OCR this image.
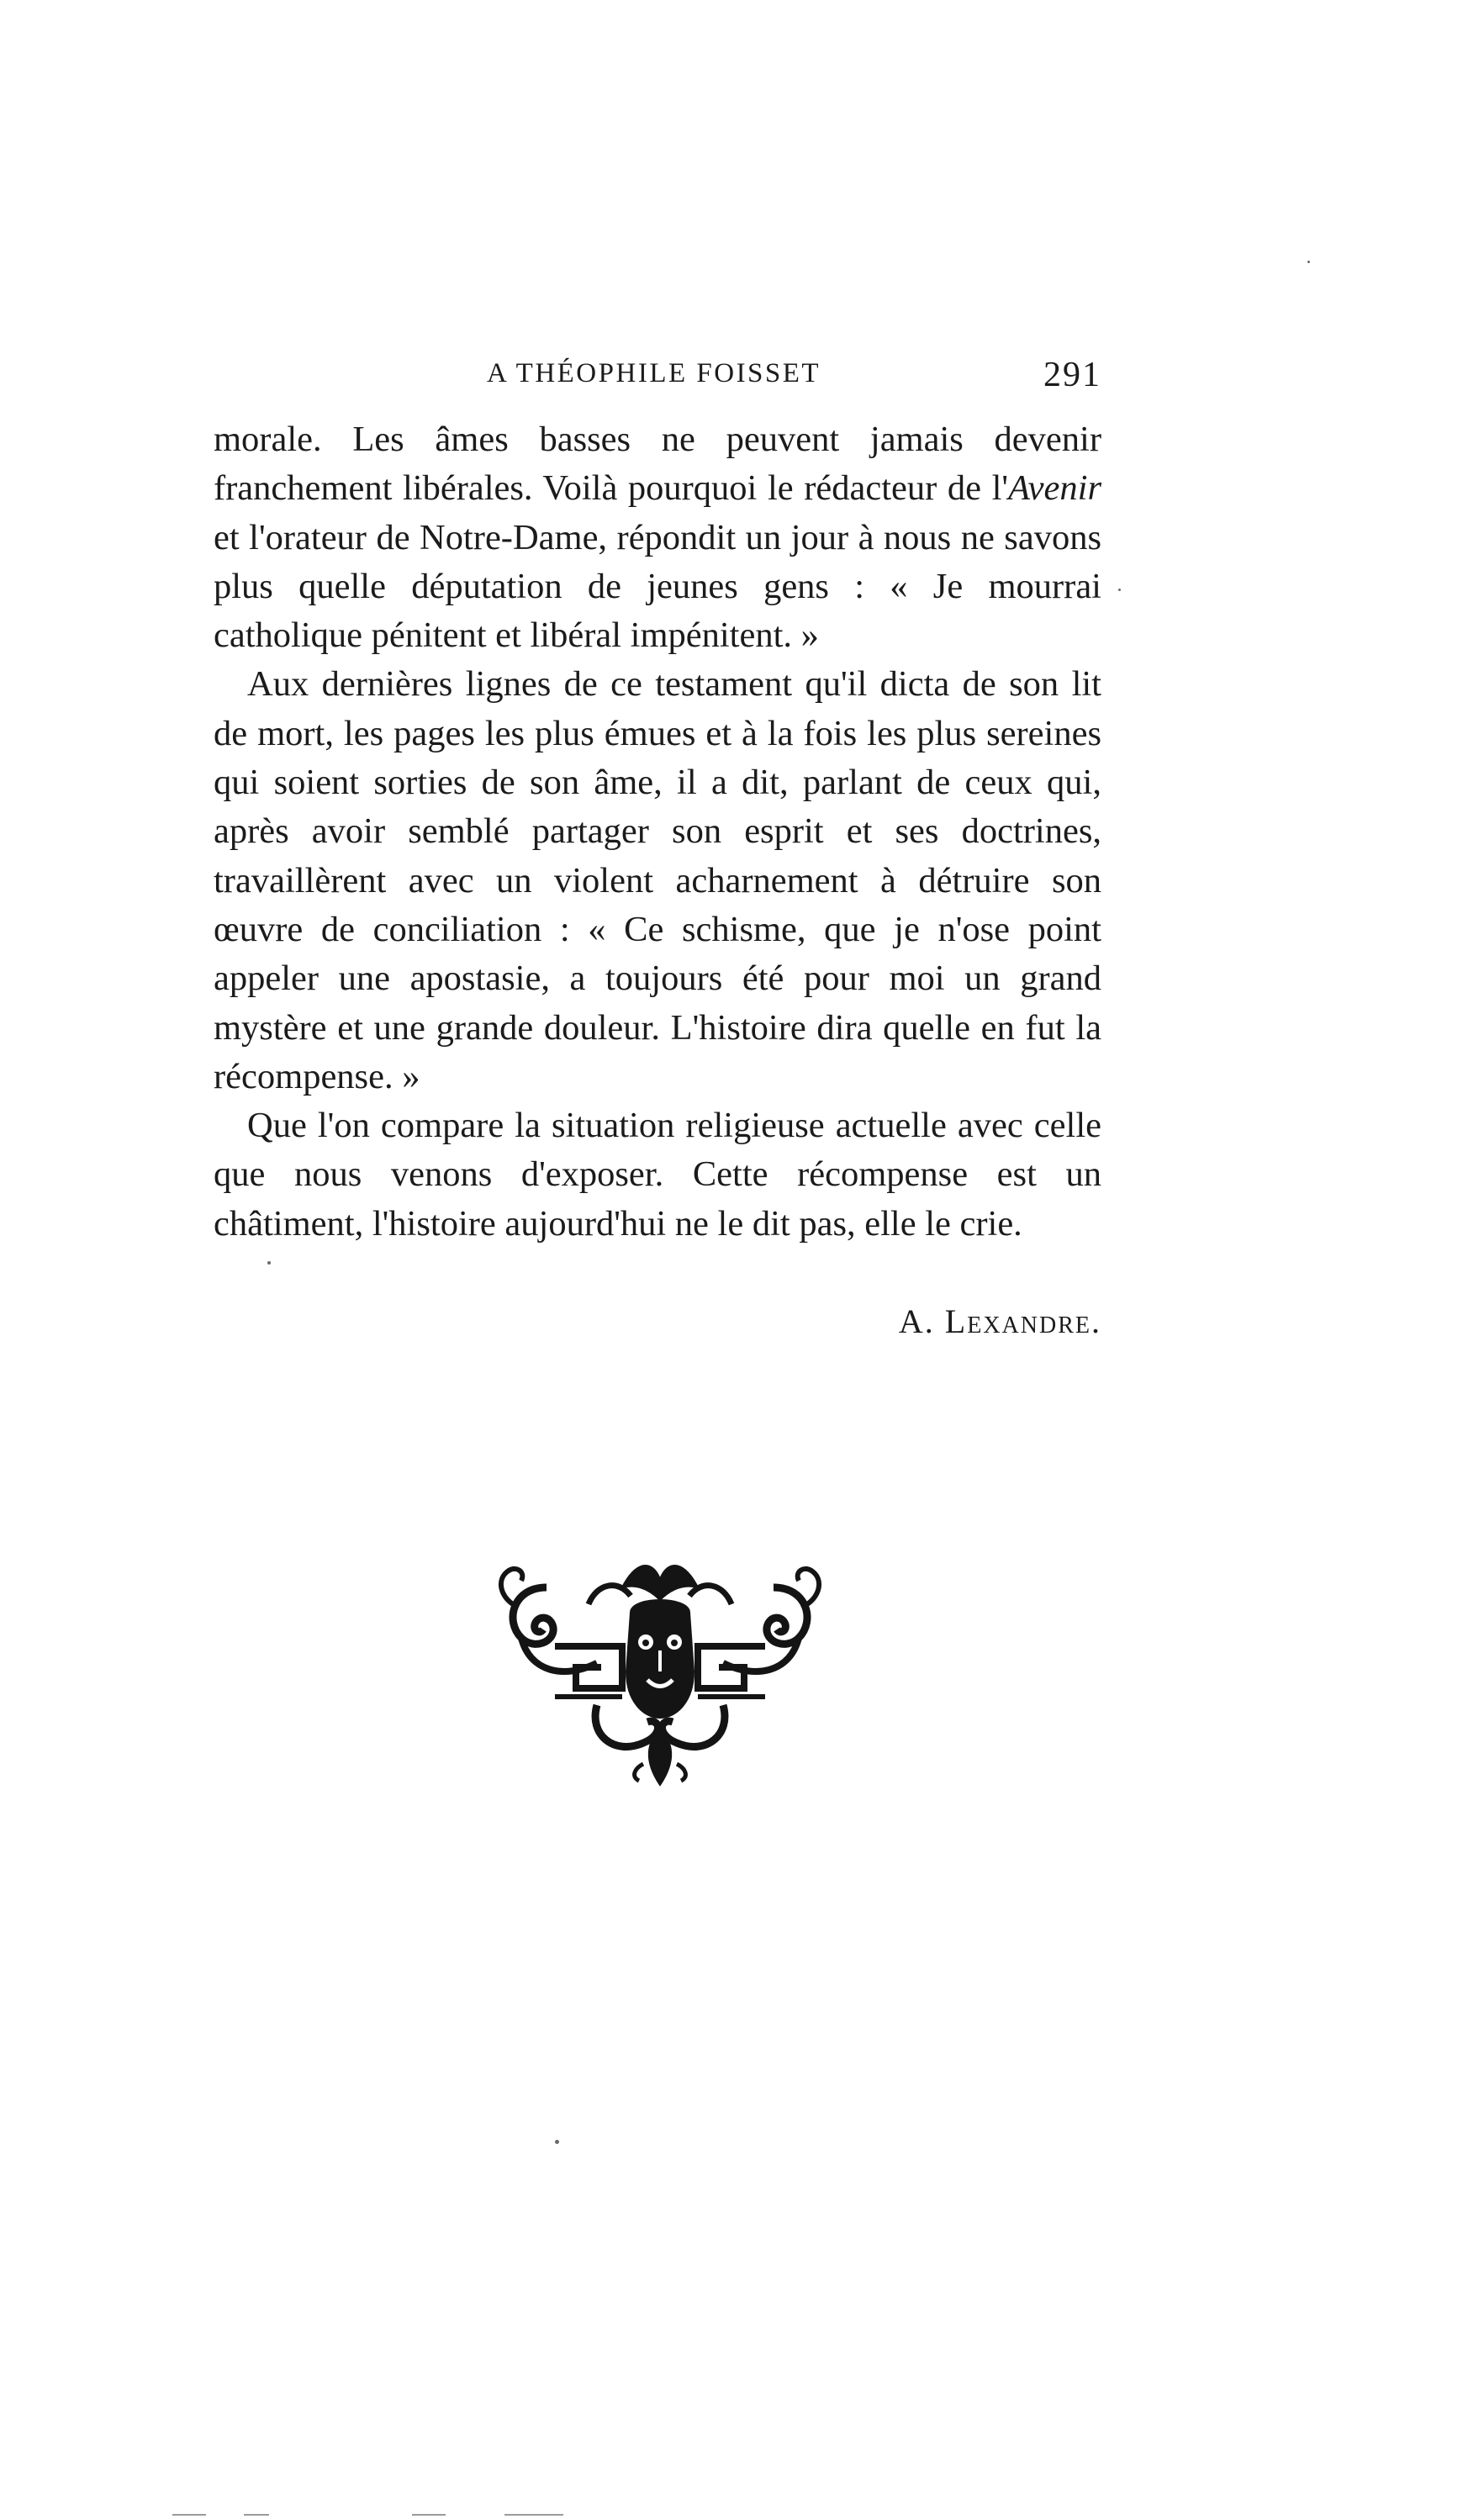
A THÉOPHILE FOISSET	291

morale. Les âmes basses ne peuvent jamais devenir franchement libérales. Voilà pourquoi le rédacteur de l'Avenir et l'orateur de Notre-Dame, répondit un jour à nous ne savons plus quelle députation de jeunes gens : « Je mourrai catholique pénitent et libéral impénitent. »

Aux dernières lignes de ce testament qu'il dicta de son lit de mort, les pages les plus émues et à la fois les plus sereines qui soient sorties de son âme, il a dit, parlant de ceux qui, après avoir semblé partager son esprit et ses doctrines, travaillèrent avec un violent acharnement à détruire son œuvre de conciliation : « Ce schisme, que je n'ose point appeler une apostasie, a toujours été pour moi un grand mystère et une grande douleur. L'histoire dira quelle en fut la récompense. »

Que l'on compare la situation religieuse actuelle avec celle que nous venons d'exposer. Cette récompense est un châtiment, l'histoire aujourd'hui ne le dit pas, elle le crie.

A. Lexandre.
